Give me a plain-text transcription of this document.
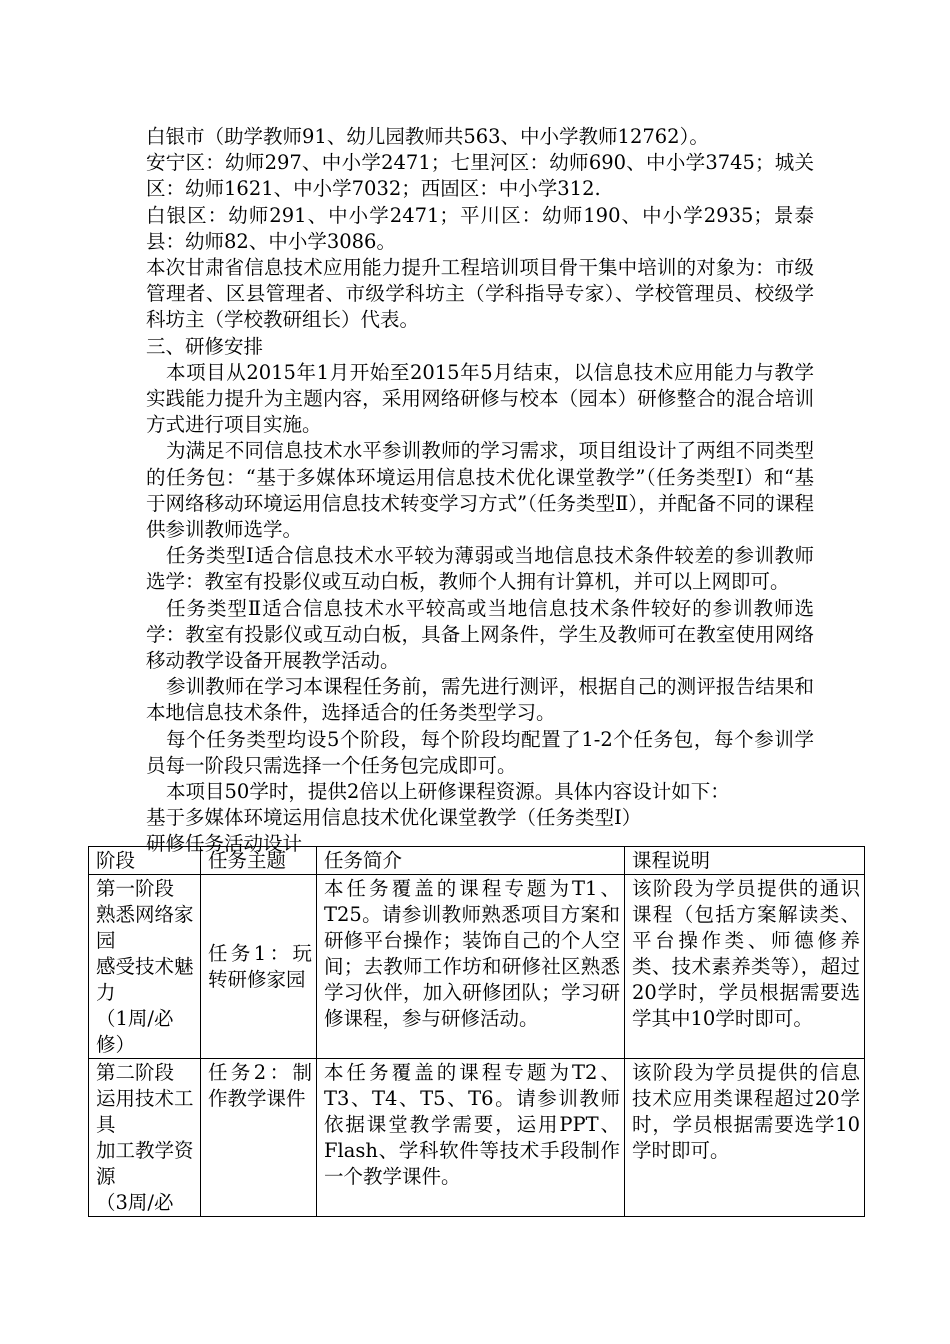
白银市（助学教师91、幼儿园教师共563、中小学教师12762）。

安宁区：幼师297、中小学2471；七里河区：幼师690、中小学3745；城关区：幼师1621、中小学7032；西固区：中小学312.

白银区：幼师291、中小学2471；平川区：幼师190、中小学2935；景泰县：幼师82、中小学3086。

本次甘肃省信息技术应用能力提升工程培训项目骨干集中培训的对象为：市级管理者、区县管理者、市级学科坊主（学科指导专家）、学校管理员、校级学科坊主（学校教研组长）代表。

三、研修安排

本项目从2015年1月开始至2015年5月结束，以信息技术应用能力与教学实践能力提升为主题内容，采用网络研修与校本（园本）研修整合的混合培训方式进行项目实施。

为满足不同信息技术水平参训教师的学习需求，项目组设计了两组不同类型的任务包：“基于多媒体环境运用信息技术优化课堂教学”（任务类型Ⅰ）和“基于网络移动环境运用信息技术转变学习方式”（任务类型Ⅱ），并配备不同的课程供参训教师选学。

任务类型Ⅰ适合信息技术水平较为薄弱或当地信息技术条件较差的参训教师选学：教室有投影仪或互动白板，教师个人拥有计算机，并可以上网即可。

任务类型Ⅱ适合信息技术水平较高或当地信息技术条件较好的参训教师选学：教室有投影仪或互动白板，具备上网条件，学生及教师可在教室使用网络移动教学设备开展教学活动。

参训教师在学习本课程任务前，需先进行测评，根据自己的测评报告结果和本地信息技术条件，选择适合的任务类型学习。

每个任务类型均设5个阶段，每个阶段均配置了1-2个任务包，每个参训学员每一阶段只需选择一个任务包完成即可。

本项目50学时，提供2倍以上研修课程资源。具体内容设计如下：

基于多媒体环境运用信息技术优化课堂教学（任务类型Ⅰ）

研修任务活动设计

阶段	任务主题	任务简介	课程说明

第一阶段
熟悉网络家园
感受技术魅力
（1周/必修）	任务1：玩转研修家园	本任务覆盖的课程专题为T1、T25。请参训教师熟悉项目方案和研修平台操作；装饰自己的个人空间；去教师工作坊和研修社区熟悉学习伙伴，加入研修团队；学习研修课程，参与研修活动。	该阶段为学员提供的通识课程（包括方案解读类、平台操作类、师德修养类、技术素养类等），超过20学时，学员根据需要选学其中10学时即可。

第二阶段
运用技术工具
加工教学资源
（3周/必	任务2：制作教学课件	本任务覆盖的课程专题为T2、T3、T4、T5、T6。请参训教师依据课堂教学需要，运用PPT、Flash、学科软件等技术手段制作一个教学课件。	该阶段为学员提供的信息技术应用类课程超过20学时，学员根据需要选学10学时即可。
